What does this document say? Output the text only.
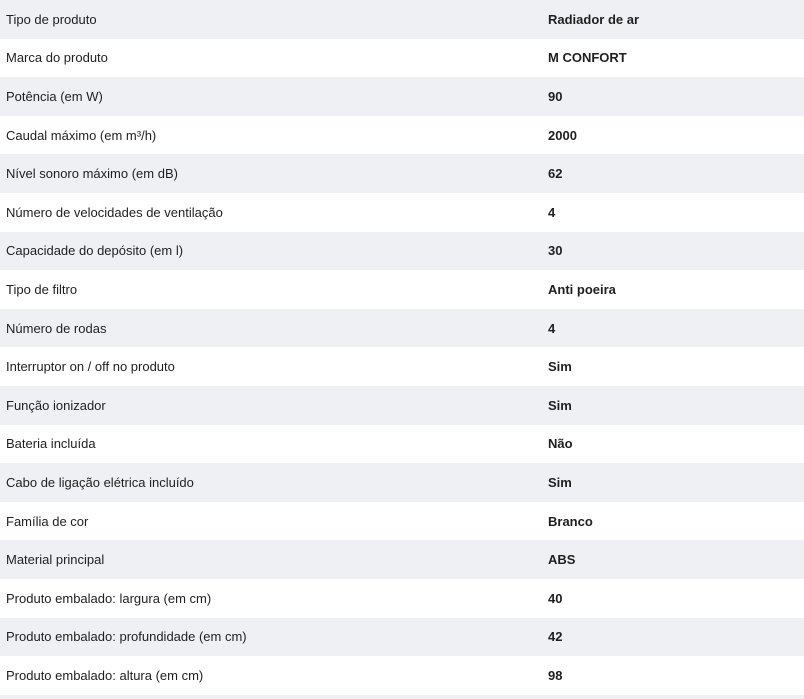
Tipo de produto	Radiador de ar
Marca do produto	M CONFORT
Potência (em W)	90
Caudal máximo (em m³/h)	2000
Nível sonoro máximo (em dB)	62
Número de velocidades de ventilação	4
Capacidade do depósito (em l)	30
Tipo de filtro	Anti poeira
Número de rodas	4
Interruptor on / off no produto	Sim
Função ionizador	Sim
Bateria incluída	Não
Cabo de ligação elétrica incluído	Sim
Família de cor	Branco
Material principal	ABS
Produto embalado: largura (em cm)	40
Produto embalado: profundidade (em cm)	42
Produto embalado: altura (em cm)	98
